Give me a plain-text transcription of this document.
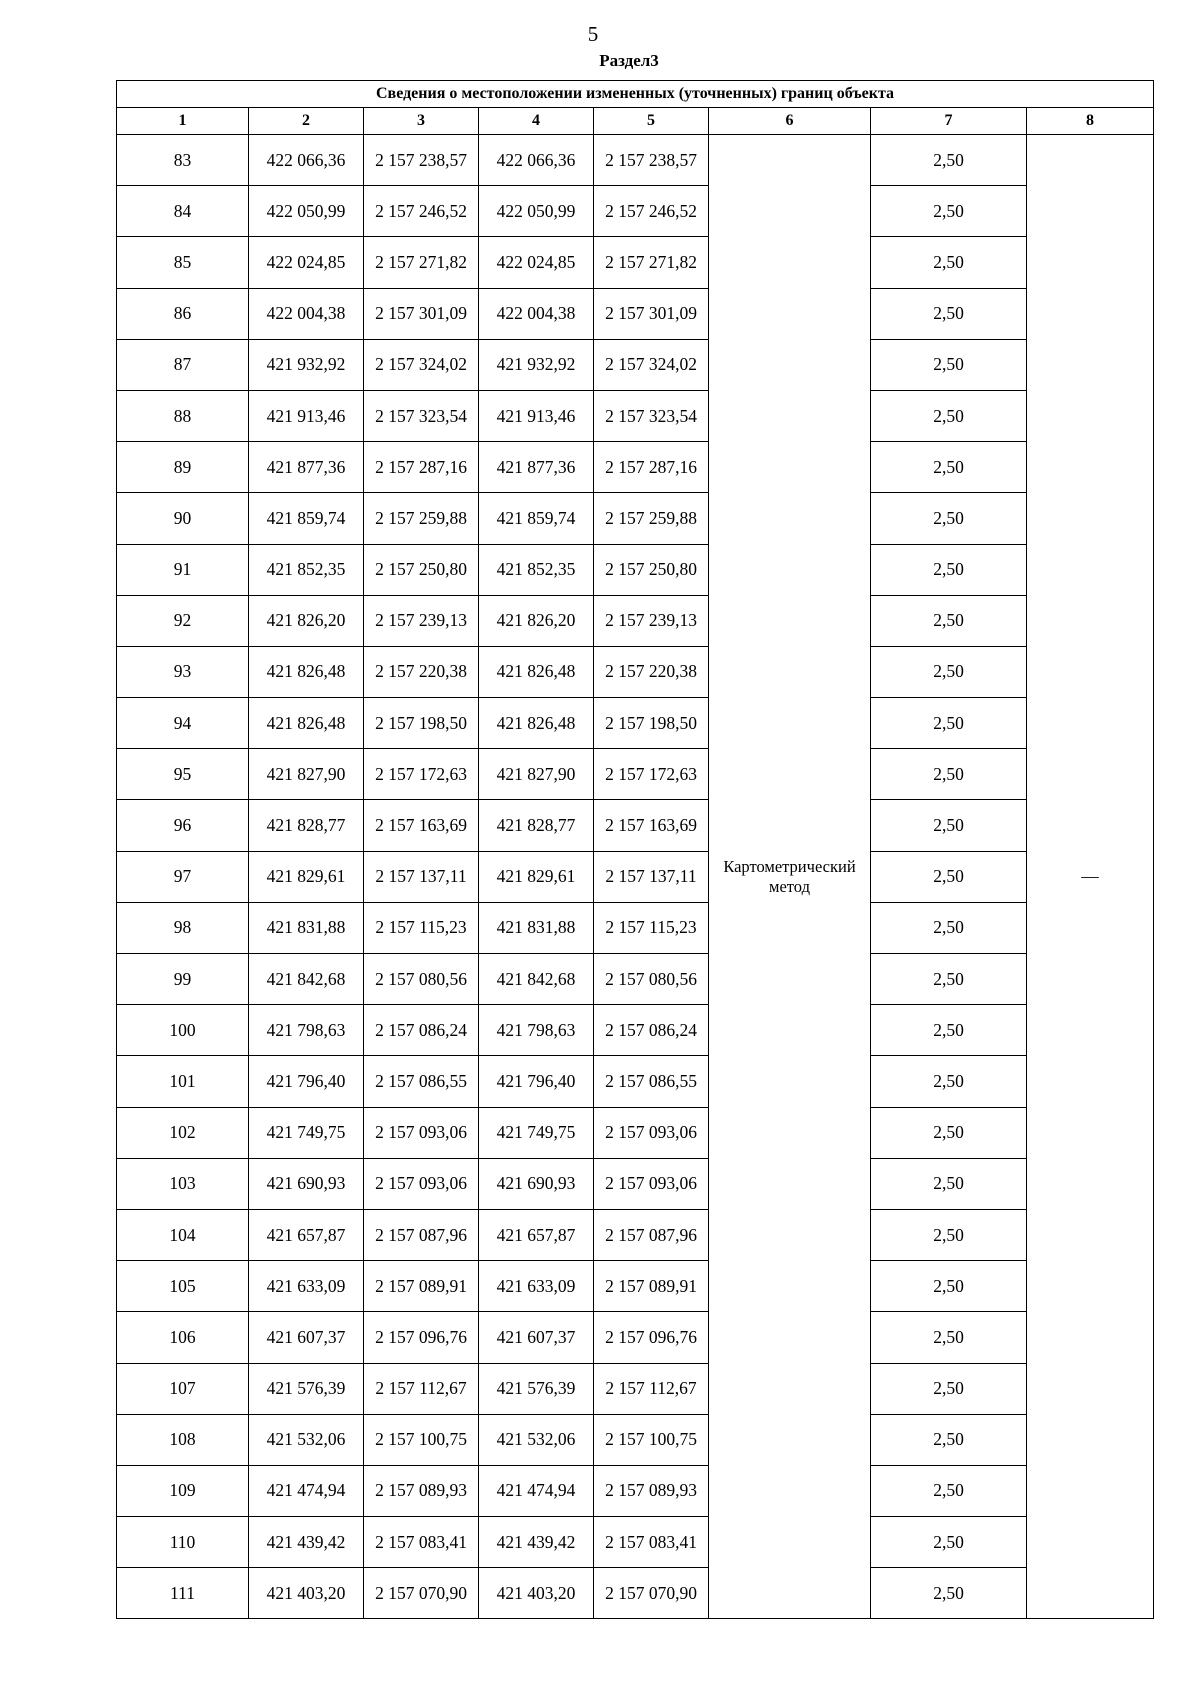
5
Раздел3
Сведения о местоположении измененных (уточненных) границ объекта							
1	2	3	4	5	6	7	8
83	422 066,36	2 157 238,57	422 066,36	2 157 238,57	Картометрический метод	2,50	—
84	422 050,99	2 157 246,52	422 050,99	2 157 246,52		2,50	
85	422 024,85	2 157 271,82	422 024,85	2 157 271,82		2,50	
86	422 004,38	2 157 301,09	422 004,38	2 157 301,09		2,50	
87	421 932,92	2 157 324,02	421 932,92	2 157 324,02		2,50	
88	421 913,46	2 157 323,54	421 913,46	2 157 323,54		2,50	
89	421 877,36	2 157 287,16	421 877,36	2 157 287,16		2,50	
90	421 859,74	2 157 259,88	421 859,74	2 157 259,88		2,50	
91	421 852,35	2 157 250,80	421 852,35	2 157 250,80		2,50	
92	421 826,20	2 157 239,13	421 826,20	2 157 239,13		2,50	
93	421 826,48	2 157 220,38	421 826,48	2 157 220,38		2,50	
94	421 826,48	2 157 198,50	421 826,48	2 157 198,50		2,50	
95	421 827,90	2 157 172,63	421 827,90	2 157 172,63		2,50	
96	421 828,77	2 157 163,69	421 828,77	2 157 163,69		2,50	
97	421 829,61	2 157 137,11	421 829,61	2 157 137,11		2,50	
98	421 831,88	2 157 115,23	421 831,88	2 157 115,23		2,50	
99	421 842,68	2 157 080,56	421 842,68	2 157 080,56		2,50	
100	421 798,63	2 157 086,24	421 798,63	2 157 086,24		2,50	
101	421 796,40	2 157 086,55	421 796,40	2 157 086,55		2,50	
102	421 749,75	2 157 093,06	421 749,75	2 157 093,06		2,50	
103	421 690,93	2 157 093,06	421 690,93	2 157 093,06		2,50	
104	421 657,87	2 157 087,96	421 657,87	2 157 087,96		2,50	
105	421 633,09	2 157 089,91	421 633,09	2 157 089,91		2,50	
106	421 607,37	2 157 096,76	421 607,37	2 157 096,76		2,50	
107	421 576,39	2 157 112,67	421 576,39	2 157 112,67		2,50	
108	421 532,06	2 157 100,75	421 532,06	2 157 100,75		2,50	
109	421 474,94	2 157 089,93	421 474,94	2 157 089,93		2,50	
110	421 439,42	2 157 083,41	421 439,42	2 157 083,41		2,50	
111	421 403,20	2 157 070,90	421 403,20	2 157 070,90		2,50	
